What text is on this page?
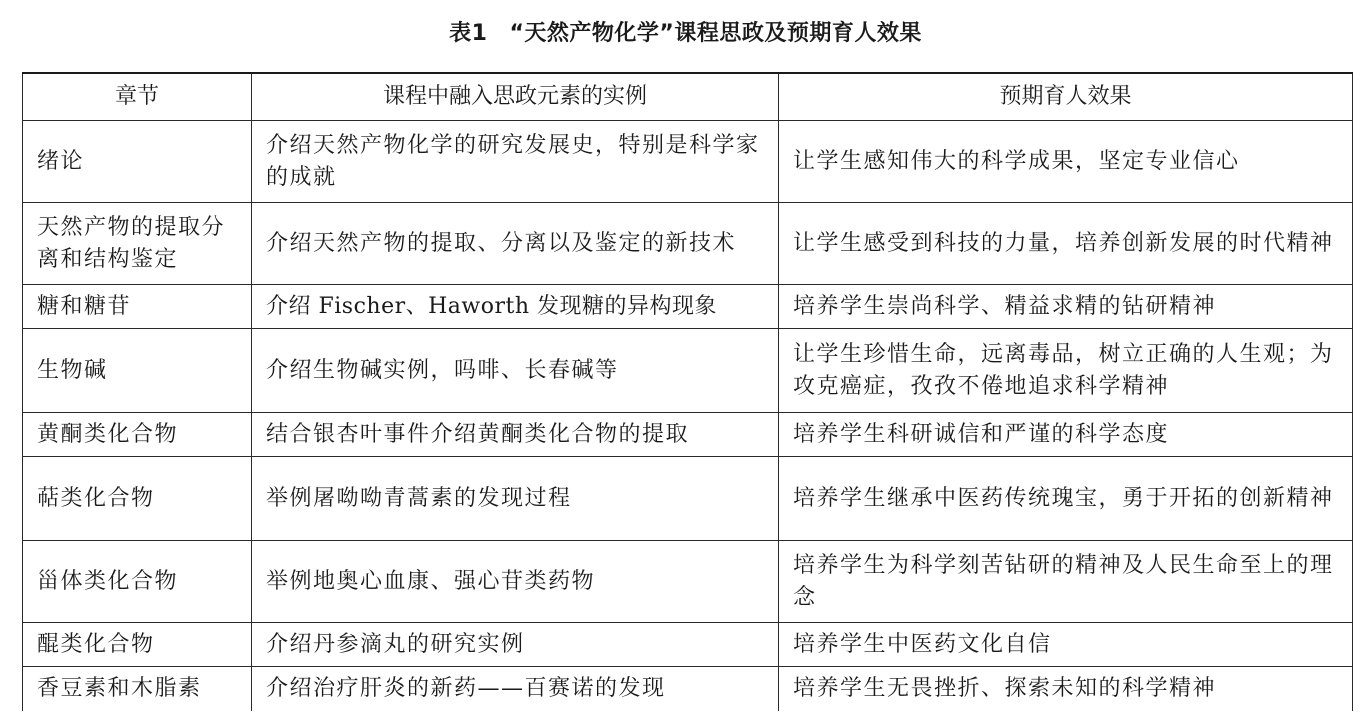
表1 “天然产物化学”课程思政及预期育人效果
章节	课程中融入思政元素的实例	预期育人效果

绪论	介绍天然产物化学的研究发展史，特别是科学家的成就	让学生感知伟大的科学成果，坚定专业信心

天然产物的提取分离和结构鉴定	介绍天然产物的提取、分离以及鉴定的新技术	让学生感受到科技的力量，培养创新发展的时代精神

糖和糖苷	介绍 Fischer、Haworth 发现糖的异构现象	培养学生崇尚科学、精益求精的钻研精神

生物碱	介绍生物碱实例，吗啡、长春碱等	让学生珍惜生命，远离毒品，树立正确的人生观；为攻克癌症，孜孜不倦地追求科学精神

黄酮类化合物	结合银杏叶事件介绍黄酮类化合物的提取	培养学生科研诚信和严谨的科学态度

萜类化合物	举例屠呦呦青蒿素的发现过程	培养学生继承中医药传统瑰宝，勇于开拓的创新精神

甾体类化合物	举例地奥心血康、强心苷类药物	培养学生为科学刻苦钻研的精神及人民生命至上的理念

醌类化合物	介绍丹参滴丸的研究实例	培养学生中医药文化自信

香豆素和木脂素	介绍治疗肝炎的新药——百赛诺的发现	培养学生无畏挫折、探索未知的科学精神
